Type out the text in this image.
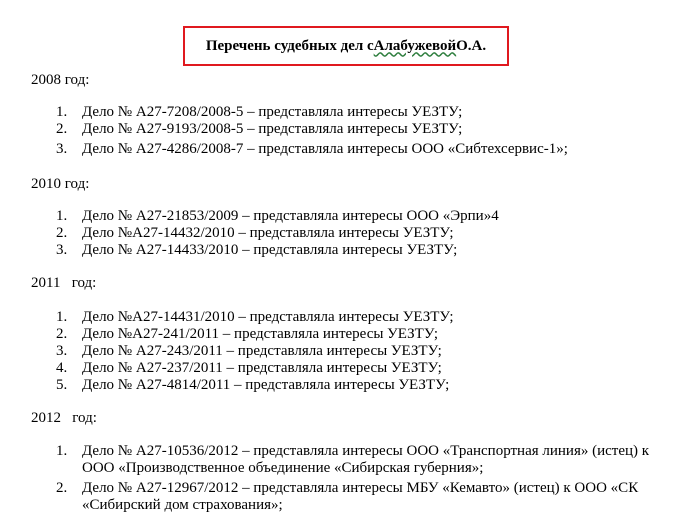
Перечень судебных дел с Алабужевой О.А.
2008 год:
1. Дело № А27-7208/2008-5 – представляла интересы УЕЗТУ;
2. Дело № А27-9193/2008-5 – представляла интересы УЕЗТУ;
3. Дело № А27-4286/2008-7 – представляла интересы ООО «Сибтехсервис-1»;
2010 год:
1. Дело № А27-21853/2009 – представляла интересы ООО «Эрпи»4
2. Дело №А27-14432/2010 – представляла интересы УЕЗТУ;
3. Дело № А27-14433/2010 – представляла интересы УЕЗТУ;
2011   год:
1. Дело №А27-14431/2010 – представляла интересы УЕЗТУ;
2. Дело №А27-241/2011 – представляла интересы УЕЗТУ;
3. Дело № А27-243/2011 – представляла интересы УЕЗТУ;
4. Дело № А27-237/2011 – представляла интересы УЕЗТУ;
5. Дело № А27-4814/2011 – представляла интересы УЕЗТУ;
2012   год:
1. Дело № А27-10536/2012 – представляла интересы ООО «Транспортная линия» (истец) к ООО «Производственное объединение «Сибирская губерния»;
2. Дело № А27-12967/2012 – представляла интересы МБУ «Кемавто» (истец) к ООО «СК «Сибирский дом страхования»;
